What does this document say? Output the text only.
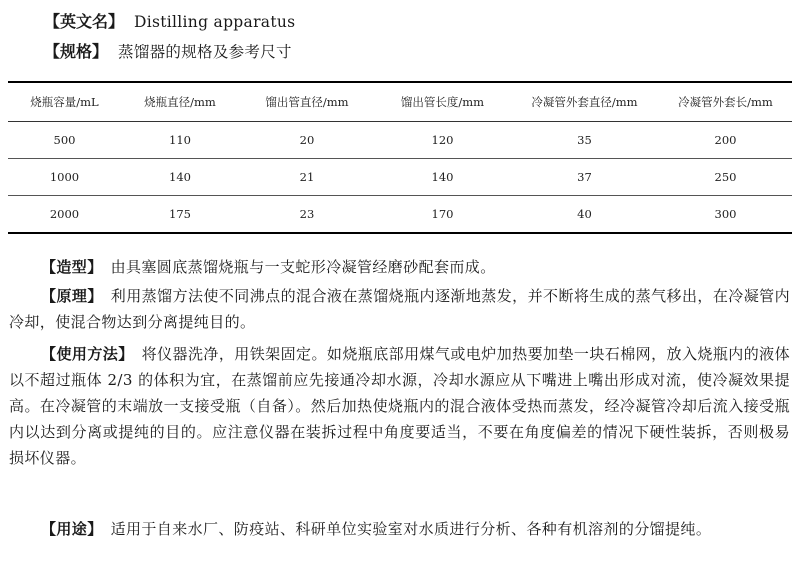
【英文名】 Distilling apparatus
【规格】 蒸馏器的规格及参考尺寸
烧瓶容量/mL	烧瓶直径/mm	馏出管直径/mm	馏出管长度/mm	冷凝管外套直径/mm	冷凝管外套长/mm
500	110	20	120	35	200
1000	140	21	140	37	250
2000	175	23	170	40	300

【造型】 由具塞圆底蒸馏烧瓶与一支蛇形冷凝管经磨砂配套而成。

【原理】 利用蒸馏方法使不同沸点的混合液在蒸馏烧瓶内逐渐地蒸发，并不断将生成的蒸气移出，在冷凝管内冷却，使混合物达到分离提纯目的。

【使用方法】 将仪器洗净，用铁架固定。如烧瓶底部用煤气或电炉加热要加垫一块石棉网，放入烧瓶内的液体以不超过瓶体 2/3 的体积为宜，在蒸馏前应先接通冷却水源，冷却水源应从下嘴进上嘴出形成对流，使冷凝效果提高。在冷凝管的末端放一支接受瓶（自备）。然后加热使烧瓶内的混合液体受热而蒸发，经冷凝管冷却后流入接受瓶内以达到分离或提纯的目的。应注意仪器在装拆过程中角度要适当，不要在角度偏差的情况下硬性装拆，否则极易损坏仪器。

【用途】 适用于自来水厂、防疫站、科研单位实验室对水质进行分析、各种有机溶剂的分馏提纯。
